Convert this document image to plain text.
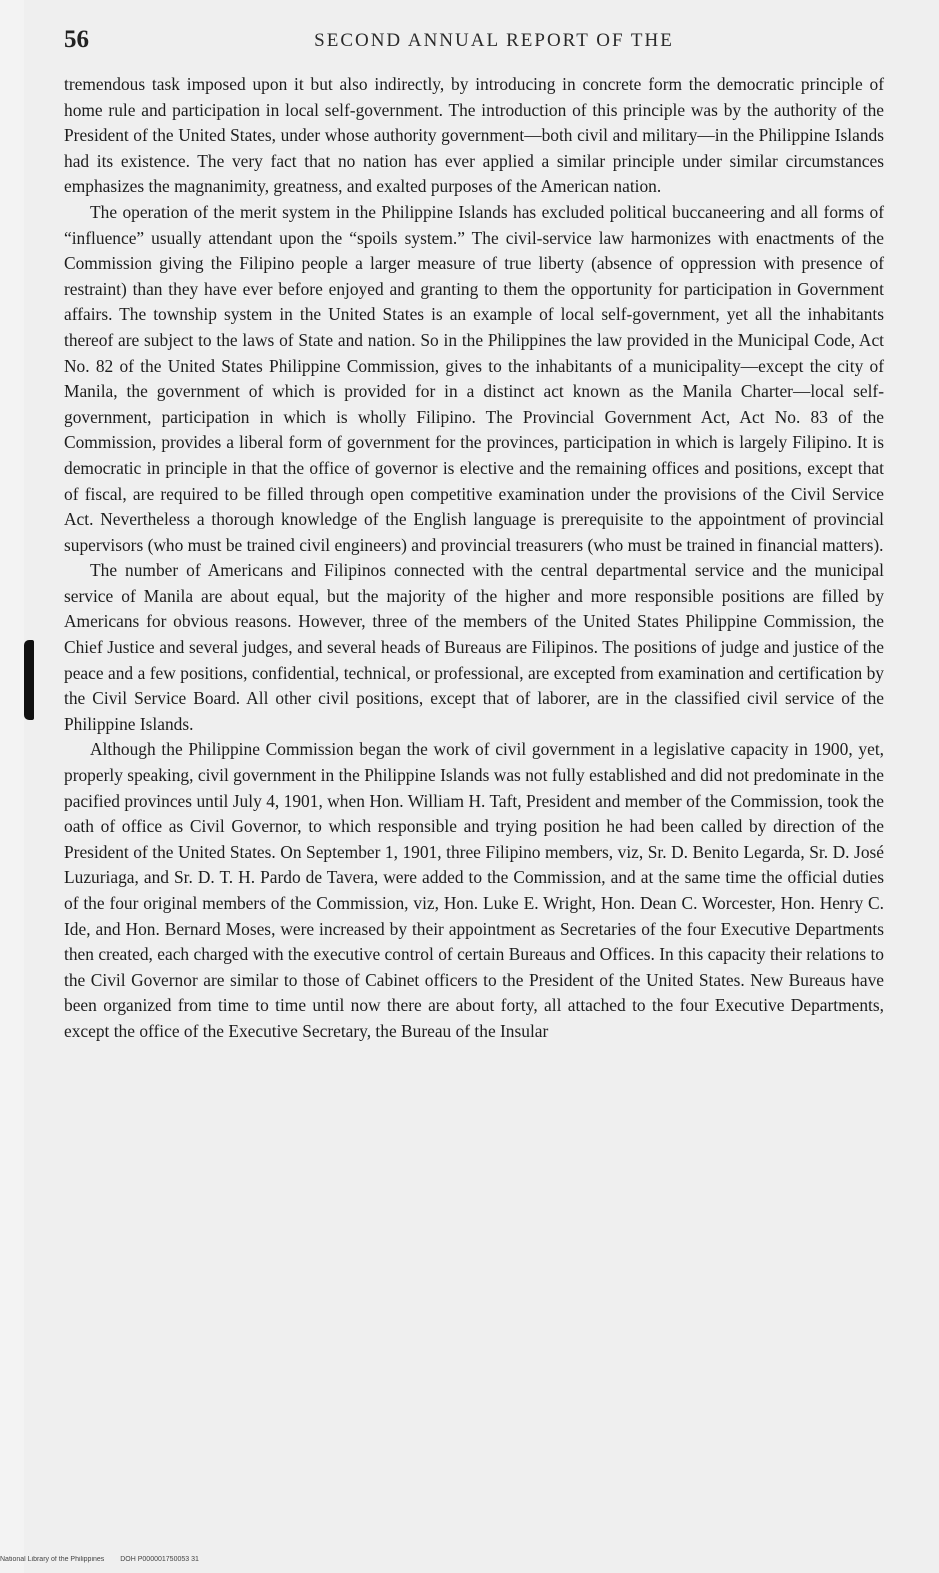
56	SECOND ANNUAL REPORT OF THE

tremendous task imposed upon it but also indirectly, by introducing in concrete form the democratic principle of home rule and participation in local self-government. The introduction of this principle was by the authority of the President of the United States, under whose authority government—both civil and military—in the Philippine Islands had its existence. The very fact that no nation has ever applied a similar principle under similar circumstances emphasizes the magnanimity, greatness, and exalted purposes of the American nation.

The operation of the merit system in the Philippine Islands has excluded political buccaneering and all forms of “influence” usually attendant upon the “spoils system.” The civil-service law harmonizes with enactments of the Commission giving the Filipino people a larger measure of true liberty (absence of oppression with presence of restraint) than they have ever before enjoyed and granting to them the opportunity for participation in Government affairs. The township system in the United States is an example of local self-government, yet all the inhabitants thereof are subject to the laws of State and nation. So in the Philippines the law provided in the Municipal Code, Act No. 82 of the United States Philippine Commission, gives to the inhabitants of a municipality—except the city of Manila, the government of which is provided for in a distinct act known as the Manila Charter—local self-government, participation in which is wholly Filipino. The Provincial Government Act, Act No. 83 of the Commission, provides a liberal form of government for the provinces, participation in which is largely Filipino. It is democratic in principle in that the office of governor is elective and the remaining offices and positions, except that of fiscal, are required to be filled through open competitive examination under the provisions of the Civil Service Act. Nevertheless a thorough knowledge of the English language is prerequisite to the appointment of provincial supervisors (who must be trained civil engineers) and provincial treasurers (who must be trained in financial matters).

The number of Americans and Filipinos connected with the central departmental service and the municipal service of Manila are about equal, but the majority of the higher and more responsible positions are filled by Americans for obvious reasons. However, three of the members of the United States Philippine Commission, the Chief Justice and several judges, and several heads of Bureaus are Filipinos. The positions of judge and justice of the peace and a few positions, confidential, technical, or professional, are excepted from examination and certification by the Civil Service Board. All other civil positions, except that of laborer, are in the classified civil service of the Philippine Islands.

Although the Philippine Commission began the work of civil government in a legislative capacity in 1900, yet, properly speaking, civil government in the Philippine Islands was not fully established and did not predominate in the pacified provinces until July 4, 1901, when Hon. William H. Taft, President and member of the Commission, took the oath of office as Civil Governor, to which responsible and trying position he had been called by direction of the President of the United States. On September 1, 1901, three Filipino members, viz, Sr. D. Benito Legarda, Sr. D. José Luzuriaga, and Sr. D. T. H. Pardo de Tavera, were added to the Commission, and at the same time the official duties of the four original members of the Commission, viz, Hon. Luke E. Wright, Hon. Dean C. Worcester, Hon. Henry C. Ide, and Hon. Bernard Moses, were increased by their appointment as Secretaries of the four Executive Departments then created, each charged with the executive control of certain Bureaus and Offices. In this capacity their relations to the Civil Governor are similar to those of Cabinet officers to the President of the United States. New Bureaus have been organized from time to time until now there are about forty, all attached to the four Executive Departments, except the office of the Executive Secretary, the Bureau of the Insular

National Library of the Philippines DOH P000001750053 31
